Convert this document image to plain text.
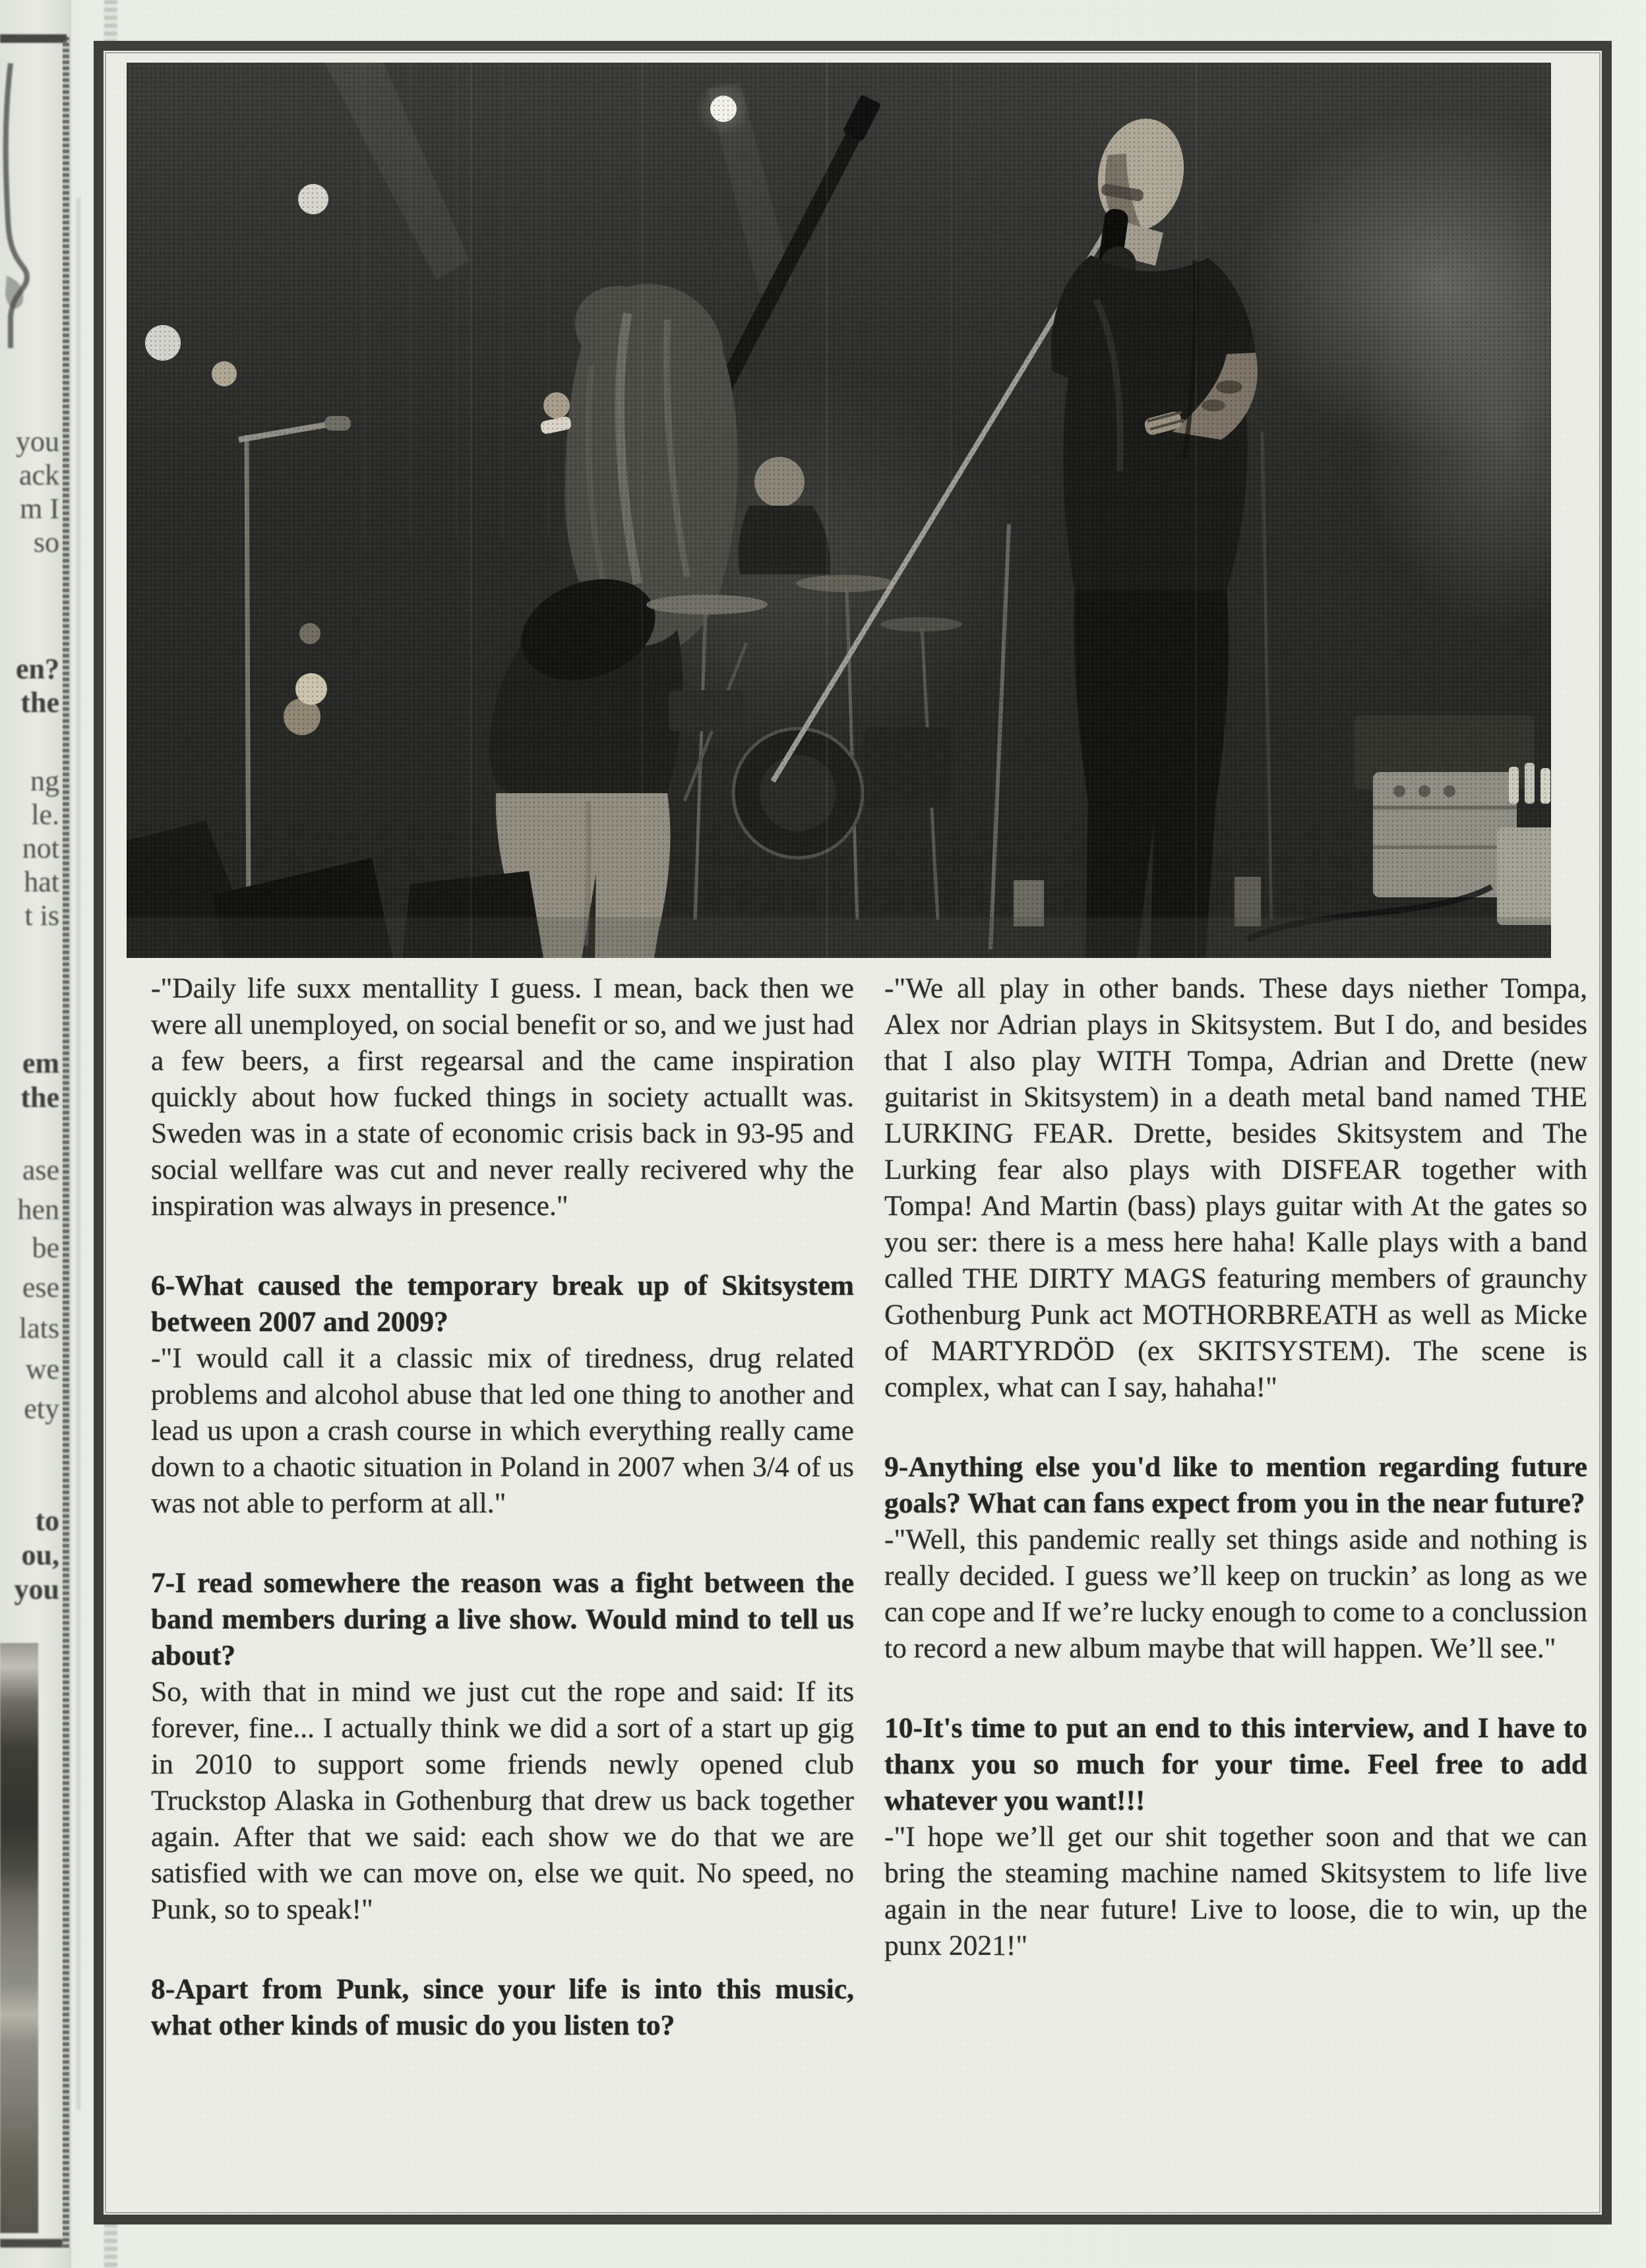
you
ack
m I
so
en?
the
ng
le.
not
hat
t is
em
the
ase
hen
be
ese
lats
we
ety
to
ou,
you

-"Daily life suxx mentallity I guess. I mean, back then we were all unemployed, on social benefit or so, and we just had a few beers, a first regearsal and the came inspiration quickly about how fucked things in society actuallt was. Sweden was in a state of economic crisis back in 93-95 and social wellfare was cut and never really recivered why the inspiration was always in presence."

6-What caused the temporary break up of Skitsystem between 2007 and 2009?

-"I would call it a classic mix of tiredness, drug related problems and alcohol abuse that led one thing to another and lead us upon a crash course in which everything really came down to a chaotic situation in Poland in 2007 when 3/4 of us was not able to perform at all."

7-I read somewhere the reason was a fight between the band members during a live show. Would mind to tell us about?

So, with that in mind we just cut the rope and said: If its forever, fine... I actually think we did a sort of a start up gig in 2010 to support some friends newly opened club Truckstop Alaska in Gothenburg that drew us back together again. After that we said: each show we do that we are satisfied with we can move on, else we quit. No speed, no Punk, so to speak!"

8-Apart from Punk, since your life is into this music, what other kinds of music do you listen to?

-"We all play in other bands. These days niether Tompa, Alex nor Adrian plays in Skitsystem. But I do, and besides that I also play WITH Tompa, Adrian and Drette (new guitarist in Skitsystem) in a death metal band named THE LURKING FEAR. Drette, besides Skitsystem and The Lurking fear also plays with DISFEAR together with Tompa! And Martin (bass) plays guitar with At the gates so you ser: there is a mess here haha! Kalle plays with a band called THE DIRTY MAGS featuring members of graunchy Gothenburg Punk act MOTHORBREATH as well as Micke of MARTYRDÖD (ex SKITSYSTEM). The scene is complex, what can I say, hahaha!"

9-Anything else you'd like to mention regarding future goals? What can fans expect from you in the near future?

-"Well, this pandemic really set things aside and nothing is really decided. I guess we’ll keep on truckin’ as long as we can cope and If we’re lucky enough to come to a conclussion to record a new album maybe that will happen. We’ll see."

10-It's time to put an end to this interview, and I have to thanx you so much for your time. Feel free to add whatever you want!!!

-"I hope we’ll get our shit together soon and that we can bring the steaming machine named Skitsystem to life live again in the near future! Live to loose, die to win, up the punx 2021!"
